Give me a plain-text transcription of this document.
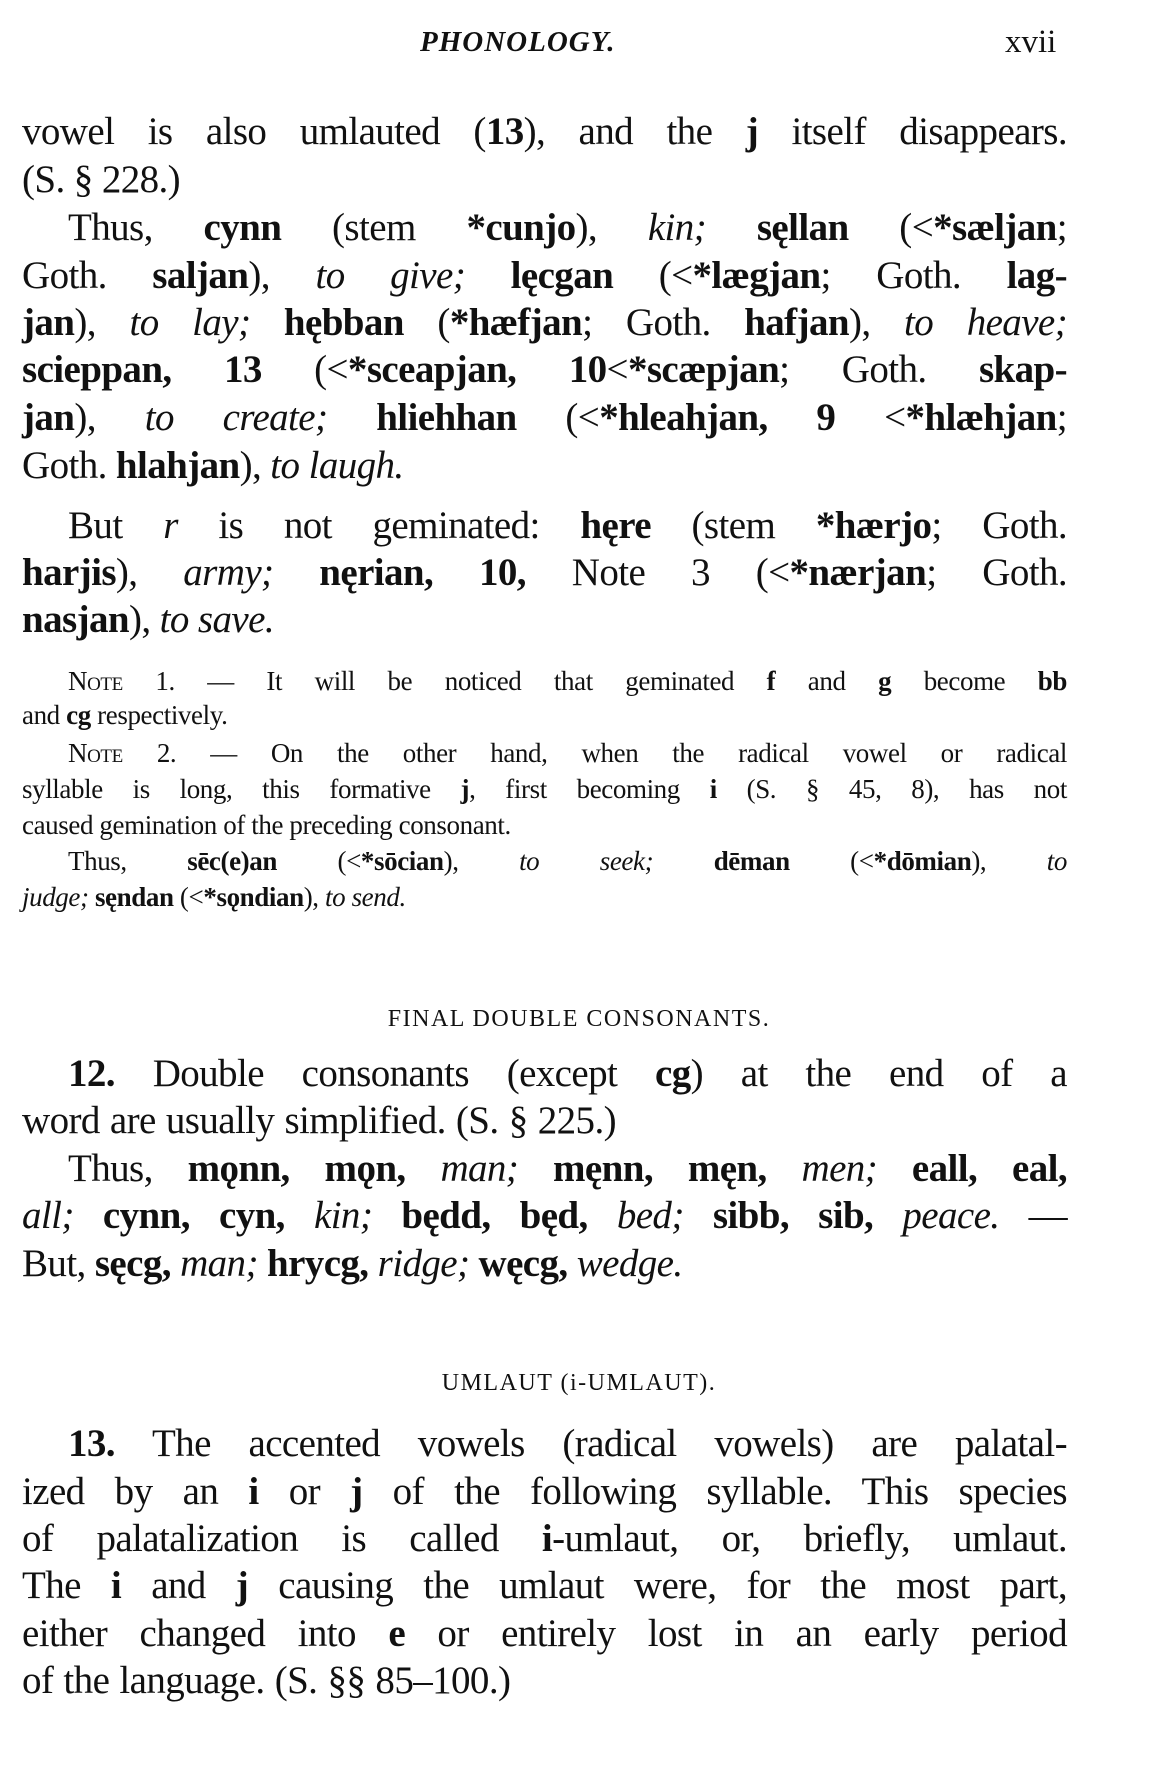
PHONOLOGY.	xvii
vowel is also umlauted (13), and the j itself disappears.
(S. § 228.)
Thus, cynn (stem *cunjo), kin; sęllan (<*sæljan;
Goth. saljan), to give; lęcgan (<*lægjan; Goth. lag-
jan), to lay; hębban (*hæfjan; Goth. hafjan), to heave;
scieppan, 13 (<*sceapjan, 10<*scæpjan; Goth. skap-
jan), to create; hliehhan (<*hleahjan, 9 <*hlæhjan;
Goth. hlahjan), to laugh.
But r is not geminated: hęre (stem *hærjo; Goth.
harjis), army; nęrian, 10, Note 3 (<*nærjan; Goth.
nasjan), to save.
Note 1. — It will be noticed that geminated f and g become bb
and cg respectively.
Note 2. — On the other hand, when the radical vowel or radical
syllable is long, this formative j, first becoming i (S. § 45, 8), has not
caused gemination of the preceding consonant.
Thus, sēc(e)an (<*sōcian), to seek; dēman (<*dōmian), to
judge; sęndan (<*sǫndian), to send.
FINAL DOUBLE CONSONANTS.
12. Double consonants (except cg) at the end of a
word are usually simplified. (S. § 225.)
Thus, mǫnn, mǫn, man; męnn, męn, men; eall, eal,
all; cynn, cyn, kin; będd, będ, bed; sibb, sib, peace. —
But, sęcg, man; hrycg, ridge; węcg, wedge.
UMLAUT (i-UMLAUT).
13. The accented vowels (radical vowels) are palatal-
ized by an i or j of the following syllable. This species
of palatalization is called i-umlaut, or, briefly, umlaut.
The i and j causing the umlaut were, for the most part,
either changed into e or entirely lost in an early period
of the language. (S. §§ 85–100.)
